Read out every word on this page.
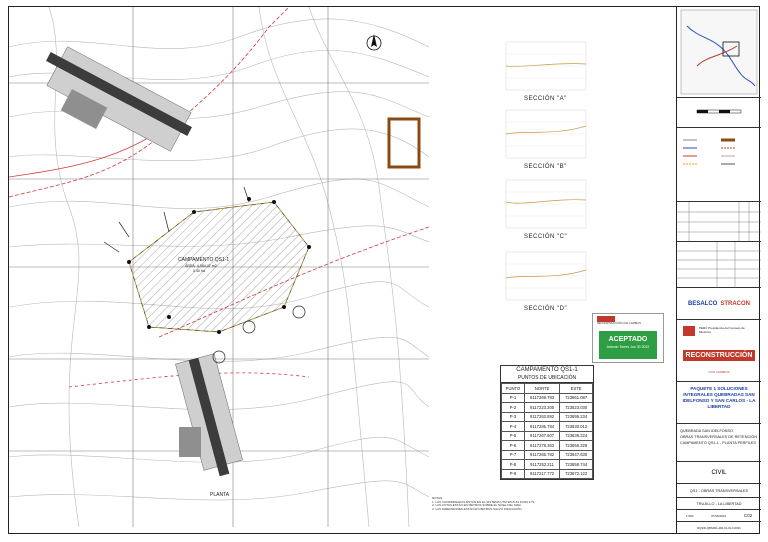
CAMPAMENTO QS1-1
ÁREA: 4,084.47 m2
0.40 ha
PLANTA
SECCIÓN "A"
SECCIÓN "B"
SECCIÓN "C"
SECCIÓN "D"
RECONSTRUCCIÓN CON CAMBIOS
ACEPTADO
Antonio Torres Jun 30 2022
CAMPAMENTO QS1-1
PUNTOS DE UBICACIÓN
PUNTO	NORTE	ESTE
P-1	9117269.783	723661.087
P-2	9117223.200	723623.030
P-3	9117263.892	723695.234
P-4	9117285.784	723630.012
P-5	9117267.607	723636.224
P-6	9117278.363	723655.329
P-7	9117265.782	723647.630
P-8	9117252.211	723658.744
P-9	9117217.772	723672.122
NOTAS:
1. LAS COORDENADAS ESTÁN EN EL SISTEMA UTM WGS 84 ZONA 17S.
2. LAS COTAS ESTÁN EN METROS SOBRE EL NIVEL DEL MAR.
3. LAS DIMENSIONES ESTÁN EN METROS SALVO INDICACIÓN.
BESALCO STRACON
PERÚ Presidencia del Consejo de Ministros
RECONSTRUCCIÓN
CON CAMBIOS
PAQUETE 1 SOLUCIONES INTEGRALES QUEBRADAS SAN IDELFONSO Y SAN CARLOS - LA LIBERTAD
QUEBRADA SAN IDELFONSO
OBRAS TRANSVERSALES DE RETENCIÓN
CAMPAMENTO QS1-1 - PLANTA PERFILES
CIVIL
QS1 - OBRAS TRANSVERSALES
TRUJILLO - LA LIBERTAD
1:500	07/06/2022	C02
RQSID-QBS001-400-01-01-0-0001
